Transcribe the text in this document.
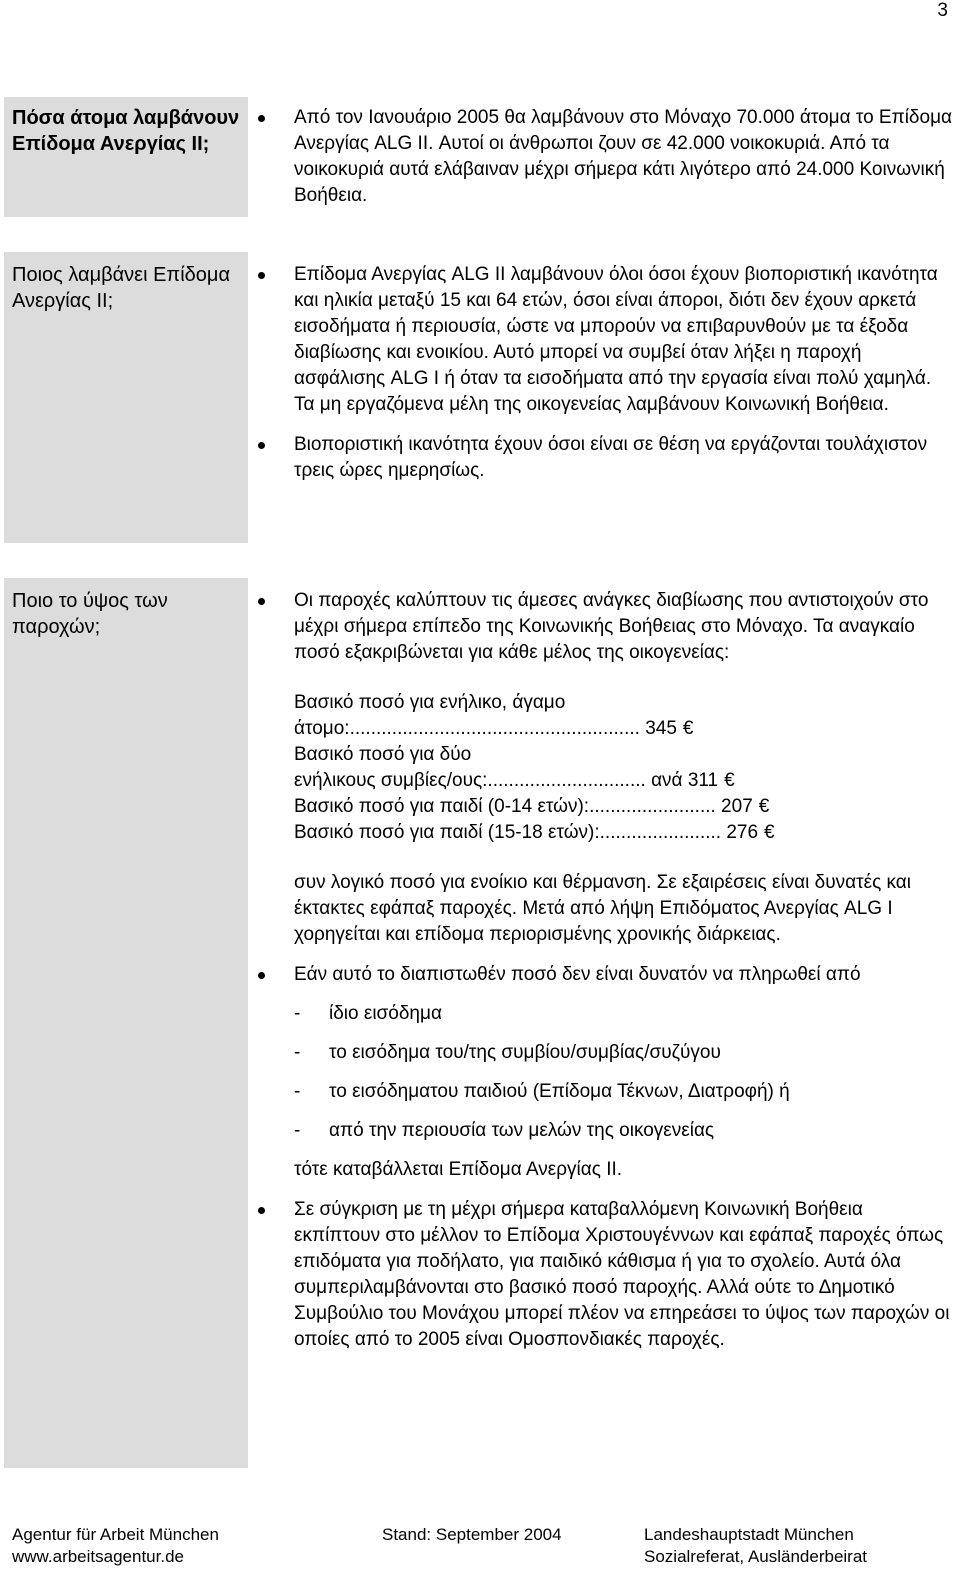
3
Πόσα άτομα λαμβάνουν Επίδομα Ανεργίας ΙΙ;
Από τον Ιανουάριο 2005 θα λαμβάνουν στο Μόναχο 70.000 άτομα το Επίδομα Ανεργίας ALG II. Αυτοί οι άνθρωποι ζουν σε 42.000 νοικοκυριά. Από τα νοικοκυριά αυτά ελάβαιναν μέχρι σήμερα κάτι λιγότερο από 24.000 Κοινωνική Βοήθεια.
Ποιος λαμβάνει Επίδομα Ανεργίας ΙΙ;
Επίδομα Ανεργίας ALG II λαμβάνουν όλοι όσοι έχουν βιοποριστική ικανότητα και ηλικία μεταξύ 15 και 64 ετών, όσοι είναι άποροι, διότι δεν έχουν αρκετά εισοδήματα ή περιουσία, ώστε να μπορούν να επιβαρυνθούν με τα έξοδα διαβίωσης και ενοικίου. Αυτό μπορεί να συμβεί όταν λήξει η παροχή ασφάλισης ALG I ή όταν τα εισοδήματα από την εργασία είναι πολύ χαμηλά. Τα μη εργαζόμενα μέλη της οικογενείας λαμβάνουν Κοινωνική Βοήθεια.
Βιοποριστική ικανότητα έχουν όσοι είναι σε θέση να εργάζονται τουλάχιστον τρεις ώρες ημερησίως.
Ποιο το ύψος των παροχών;
Οι παροχές καλύπτουν τις άμεσες ανάγκες διαβίωσης που αντιστοιχούν στο μέχρι σήμερα επίπεδο της Κοινωνικής Βοήθειας στο Μόναχο. Τα αναγκαίο ποσό εξακριβώνεται για κάθε μέλος της οικογενείας:
Βασικό ποσό για ενήλικο, άγαμο
άτομο:....................................................... 345 €
Βασικό ποσό για δύο
ενήλικους συμβίες/ους:.............................. ανά 311 €
Βασικό ποσό για παιδί (0-14 ετών):........................ 207 €
Βασικό ποσό για παιδί (15-18 ετών):....................... 276 €
συν λογικό ποσό για ενοίκιο και θέρμανση. Σε εξαιρέσεις είναι δυνατές και έκτακτες εφάπαξ παροχές. Μετά από λήψη Επιδόματος Ανεργίας ALG I χορηγείται και επίδομα περιορισμένης χρονικής διάρκειας.
Εάν αυτό το διαπιστωθέν ποσό δεν είναι δυνατόν να πληρωθεί από
- ίδιο εισόδημα
- το εισόδημα του/της συμβίου/συμβίας/συζύγου
- το εισόδηματου παιδιού (Επίδομα Τέκνων, Διατροφή) ή
- από την περιουσία των μελών της οικογενείας
τότε καταβάλλεται Επίδομα Ανεργίας ΙΙ.
Σε σύγκριση με τη μέχρι σήμερα καταβαλλόμενη Κοινωνική Βοήθεια εκπίπτουν στο μέλλον το Επίδομα Χριστουγέννων και εφάπαξ παροχές όπως επιδόματα για ποδήλατο, για παιδικό κάθισμα ή για το σχολείο. Αυτά όλα συμπεριλαμβάνονται στο βασικό ποσό παροχής. Αλλά ούτε το Δημοτικό Συμβούλιο του Μονάχου μπορεί πλέον να επηρεάσει το ύψος των παροχών οι οποίες από το 2005 είναι Ομοσπονδιακές παροχές.
Agentur für Arbeit München
www.arbeitsagentur.de
Stand: September 2004	Landeshauptstadt München
Sozialreferat, Ausländerbeirat
